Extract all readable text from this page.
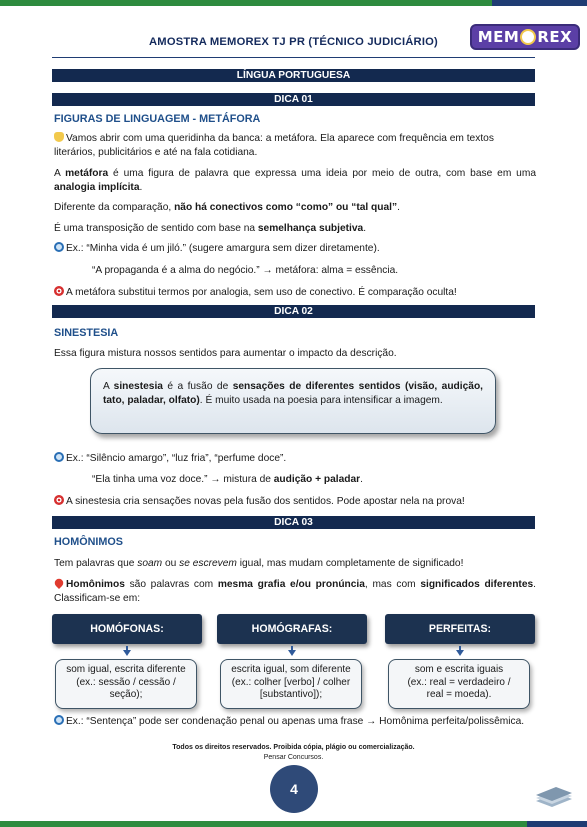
AMOSTRA MEMOREX TJ PR (TÉCNICO JUDICIÁRIO)	MEM REX
LÍNGUA PORTUGUESA
DICA 01
FIGURAS DE LINGUAGEM - METÁFORA
Vamos abrir com uma queridinha da banca: a metáfora. Ela aparece com frequência em textos literários, publicitários e até na fala cotidiana.
A metáfora é uma figura de palavra que expressa uma ideia por meio de outra, com base em uma analogia implícita.
Diferente da comparação, não há conectivos como “como” ou “tal qual”.
É uma transposição de sentido com base na semelhança subjetiva.
Ex.: “Minha vida é um jiló.” (sugere amargura sem dizer diretamente).
“A propaganda é a alma do negócio.” → metáfora: alma = essência.
A metáfora substitui termos por analogia, sem uso de conectivo. É comparação oculta!
DICA 02
SINESTESIA
Essa figura mistura nossos sentidos para aumentar o impacto da descrição.
A sinestesia é a fusão de sensações de diferentes sentidos (visão, audição, tato, paladar, olfato). É muito usada na poesia para intensificar a imagem.
Ex.: “Silêncio amargo”, “luz fria”, “perfume doce”.
“Ela tinha uma voz doce.” → mistura de audição + paladar.
A sinestesia cria sensações novas pela fusão dos sentidos. Pode apostar nela na prova!
DICA 03
HOMÔNIMOS
Tem palavras que soam ou se escrevem igual, mas mudam completamente de significado!
Homônimos são palavras com mesma grafia e/ou pronúncia, mas com significados diferentes. Classificam-se em:
HOMÓFONAS:	HOMÓGRAFAS:	PERFEITAS:
som igual, escrita diferente
(ex.: sessão / cessão / seção);
escrita igual, som diferente
(ex.: colher [verbo] / colher [substantivo]);
som e escrita iguais
(ex.: real = verdadeiro / real = moeda).
Ex.: “Sentença” pode ser condenação penal ou apenas uma frase → Homônima perfeita/polissêmica.
Todos os direitos reservados. Proibida cópia, plágio ou comercialização.
Pensar Concursos.
4
